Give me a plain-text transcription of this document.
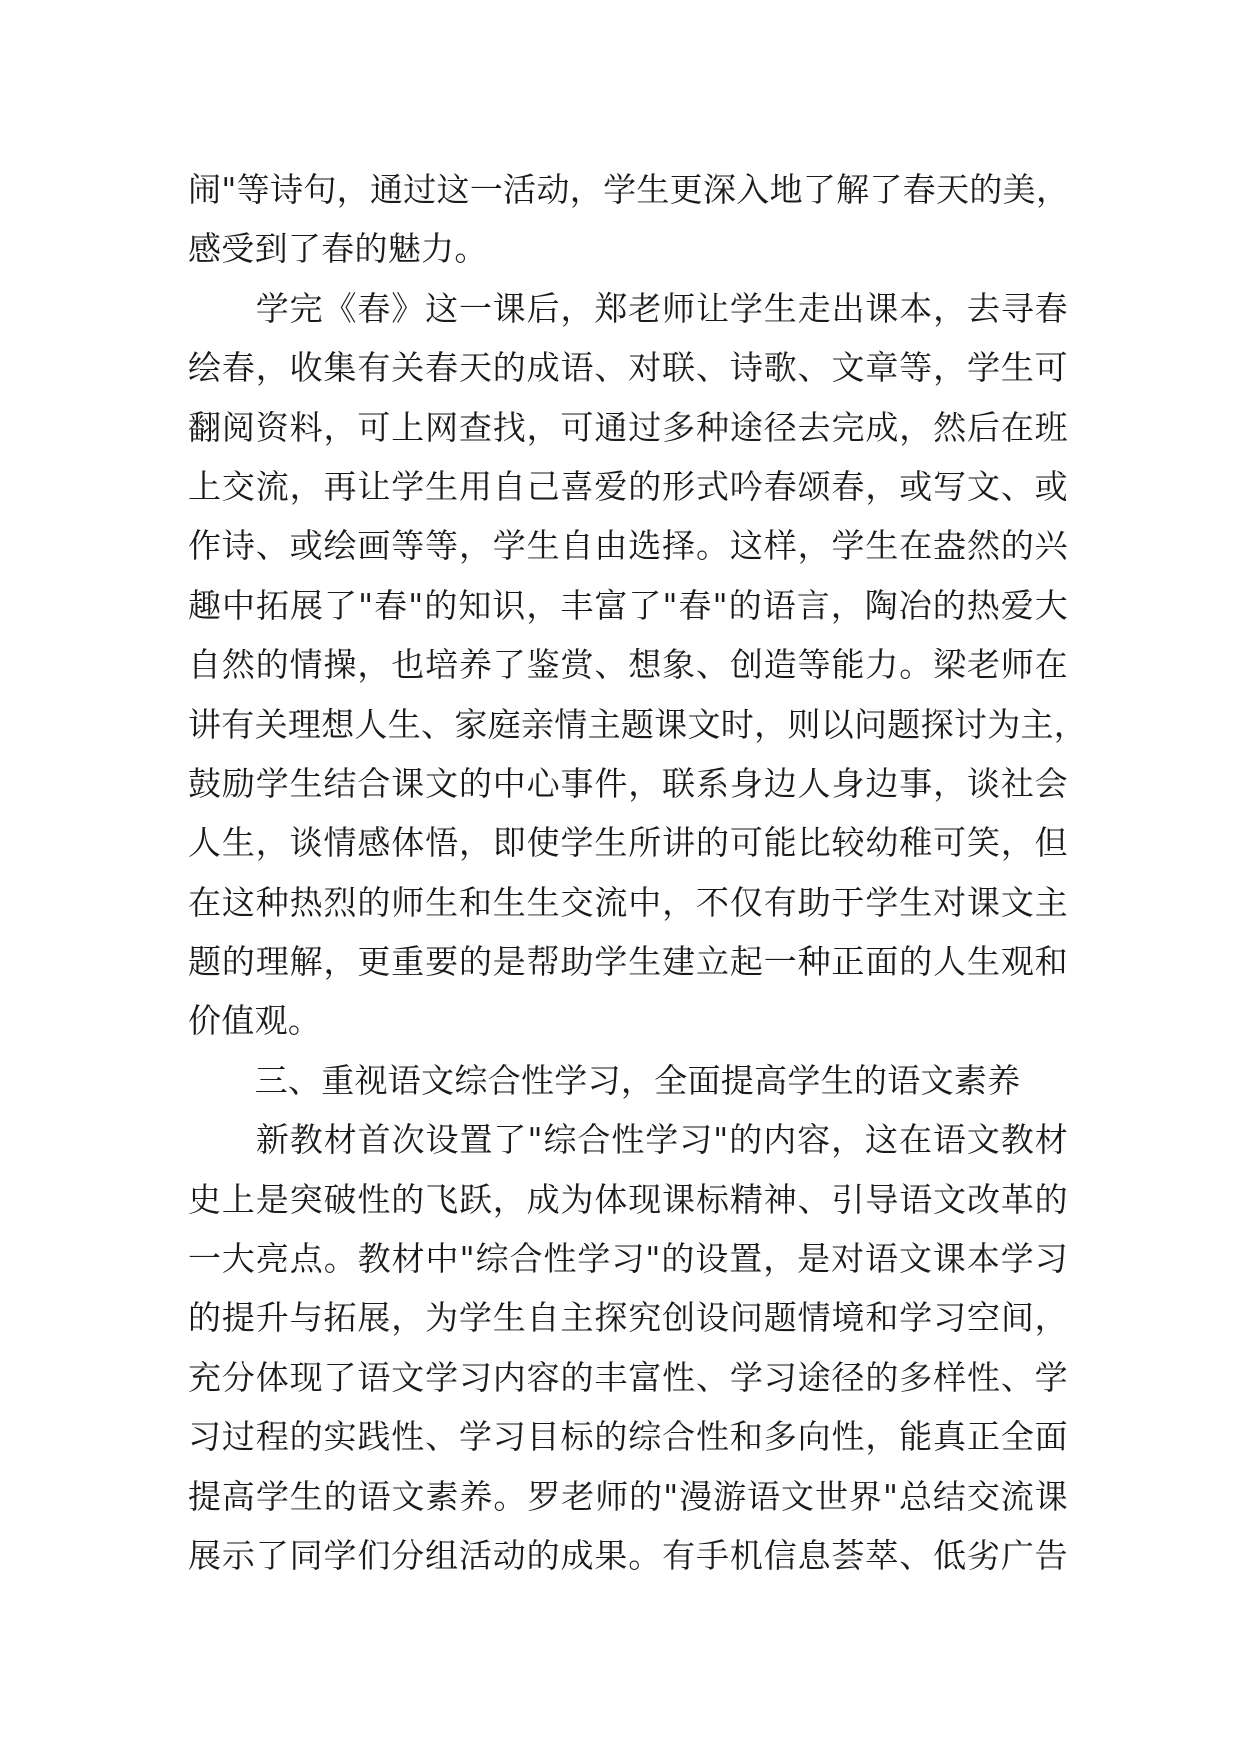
闹"等诗句，通过这一活动，学生更深入地了解了春天的美，
感受到了春的魅力。
　　学完《春》这一课后，郑老师让学生走出课本，去寻春
绘春，收集有关春天的成语、对联、诗歌、文章等，学生可
翻阅资料，可上网查找，可通过多种途径去完成，然后在班
上交流，再让学生用自己喜爱的形式吟春颂春，或写文、或
作诗、或绘画等等，学生自由选择。这样，学生在盎然的兴
趣中拓展了"春"的知识，丰富了"春"的语言，陶冶的热爱大
自然的情操，也培养了鉴赏、想象、创造等能力。梁老师在
讲有关理想人生、家庭亲情主题课文时，则以问题探讨为主，
鼓励学生结合课文的中心事件，联系身边人身边事，谈社会
人生，谈情感体悟，即使学生所讲的可能比较幼稚可笑，但
在这种热烈的师生和生生交流中，不仅有助于学生对课文主
题的理解，更重要的是帮助学生建立起一种正面的人生观和
价值观。
　　三、重视语文综合性学习，全面提高学生的语文素养
　　新教材首次设置了"综合性学习"的内容，这在语文教材
史上是突破性的飞跃，成为体现课标精神、引导语文改革的
一大亮点。教材中"综合性学习"的设置，是对语文课本学习
的提升与拓展，为学生自主探究创设问题情境和学习空间，
充分体现了语文学习内容的丰富性、学习途径的多样性、学
习过程的实践性、学习目标的综合性和多向性，能真正全面
提高学生的语文素养。罗老师的"漫游语文世界"总结交流课
展示了同学们分组活动的成果。有手机信息荟萃、低劣广告
